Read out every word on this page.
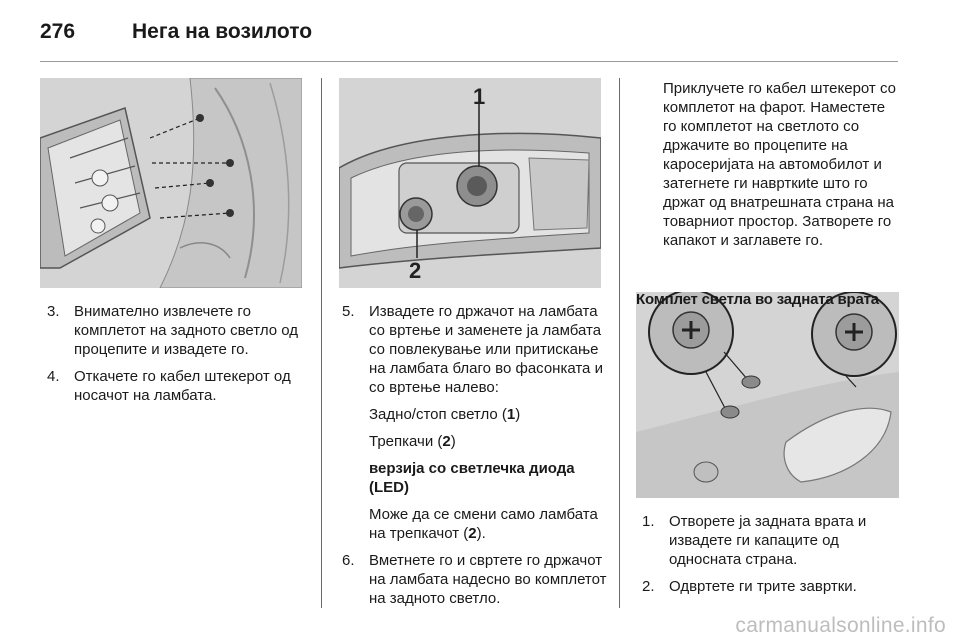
276	Нега на возилото
1
2
3. Внимателно извлечете го комплетот на задното светло од процепите и извадете го.
4. Откачете го кабел штекерот од носачот на ламбата.
5. Извадете го држачот на ламбата со вртење и заменете ја ламбата со повлекување или притискање на ламбата благо во фасонката и со вртење налево:
Задно/стоп светло (1)
Трепкачи (2)
верзија со светлечка диода (LED)
Може да се смени само ламбата на трепкачот (2).
6. Вметнете го и свртете го држачот на ламбата надесно во комплетот на задното светло.
Приклучете го кабел штекерот со комплетот на фарот. Наместете го комплетот на светлото со држачите во процепите на каросеријата на автомобилот и затегнете ги наврткиte што го држат од внатрешната страна на товарниот простор. Затворете го капакот и заглавете го.
Комплет светла во задната врата
1. Отворете ја задната врата и извадете ги капаците од односната страна.
2. Одвртете ги трите завртки.
carmanualsonline.info
